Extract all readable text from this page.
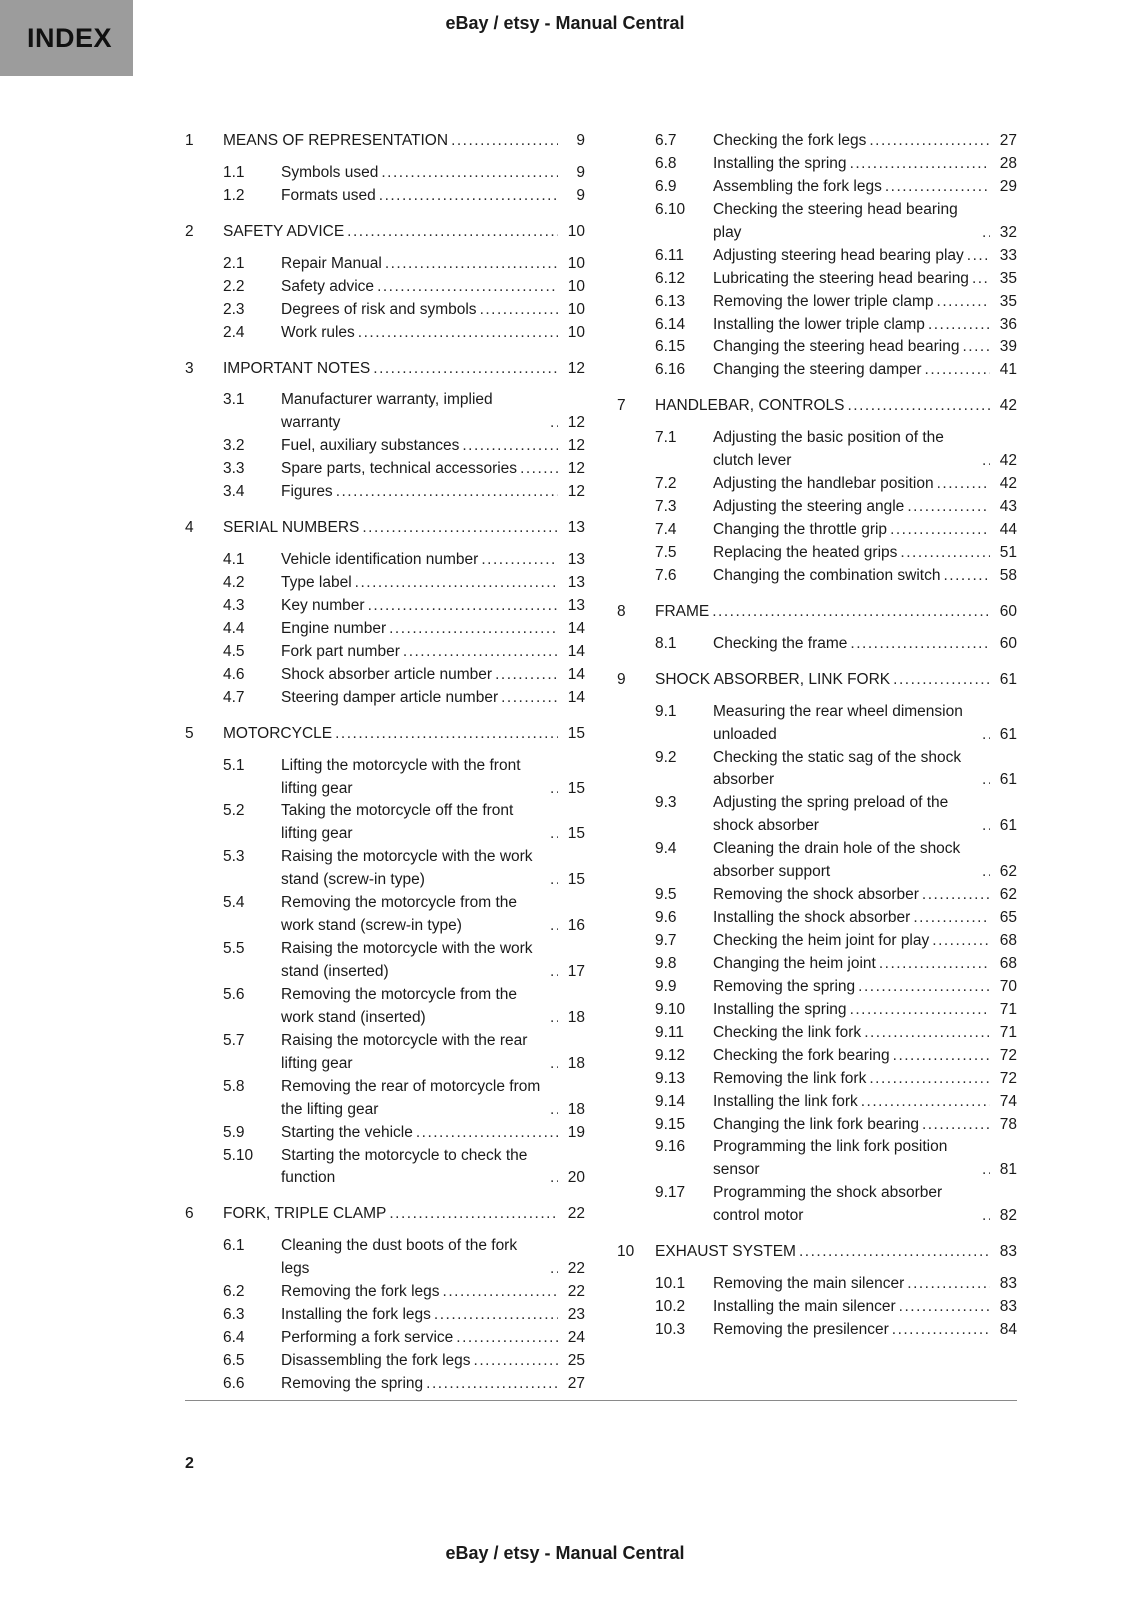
INDEX	eBay / etsy - Manual Central
1	MEANS OF REPRESENTATION .....	9
1.1	Symbols used .....	9
1.2	Formats used .....	9
2	SAFETY ADVICE .....	10
2.1	Repair Manual .....	10
2.2	Safety advice .....	10
2.3	Degrees of risk and symbols .....	10
2.4	Work rules .....	10
3	IMPORTANT NOTES .....	12
3.1	Manufacturer warranty, implied warranty .....	12
3.2	Fuel, auxiliary substances .....	12
3.3	Spare parts, technical accessories .....	12
3.4	Figures .....	12
4	SERIAL NUMBERS .....	13
4.1	Vehicle identification number .....	13
4.2	Type label .....	13
4.3	Key number .....	13
4.4	Engine number .....	14
4.5	Fork part number .....	14
4.6	Shock absorber article number .....	14
4.7	Steering damper article number .....	14
5	MOTORCYCLE .....	15
5.1	Lifting the motorcycle with the front lifting gear .....	15
5.2	Taking the motorcycle off the front lifting gear .....	15
5.3	Raising the motorcycle with the work stand (screw-in type) .....	15
5.4	Removing the motorcycle from the work stand (screw-in type) .....	16
5.5	Raising the motorcycle with the work stand (inserted) .....	17
5.6	Removing the motorcycle from the work stand (inserted) .....	18
5.7	Raising the motorcycle with the rear lifting gear .....	18
5.8	Removing the rear of motorcycle from the lifting gear .....	18
5.9	Starting the vehicle .....	19
5.10	Starting the motorcycle to check the function .....	20
6	FORK, TRIPLE CLAMP .....	22
6.1	Cleaning the dust boots of the fork legs .....	22
6.2	Removing the fork legs .....	22
6.3	Installing the fork legs .....	23
6.4	Performing a fork service .....	24
6.5	Disassembling the fork legs .....	25
6.6	Removing the spring .....	27
6.7	Checking the fork legs .....	27
6.8	Installing the spring .....	28
6.9	Assembling the fork legs .....	29
6.10	Checking the steering head bearing play .....	32
6.11	Adjusting steering head bearing play .....	33
6.12	Lubricating the steering head bearing .....	35
6.13	Removing the lower triple clamp .....	35
6.14	Installing the lower triple clamp .....	36
6.15	Changing the steering head bearing .....	39
6.16	Changing the steering damper .....	41
7	HANDLEBAR, CONTROLS .....	42
7.1	Adjusting the basic position of the clutch lever .....	42
7.2	Adjusting the handlebar position .....	42
7.3	Adjusting the steering angle .....	43
7.4	Changing the throttle grip .....	44
7.5	Replacing the heated grips .....	51
7.6	Changing the combination switch .....	58
8	FRAME .....	60
8.1	Checking the frame .....	60
9	SHOCK ABSORBER, LINK FORK .....	61
9.1	Measuring the rear wheel dimension unloaded .....	61
9.2	Checking the static sag of the shock absorber .....	61
9.3	Adjusting the spring preload of the shock absorber .....	61
9.4	Cleaning the drain hole of the shock absorber support .....	62
9.5	Removing the shock absorber .....	62
9.6	Installing the shock absorber .....	65
9.7	Checking the heim joint for play .....	68
9.8	Changing the heim joint .....	68
9.9	Removing the spring .....	70
9.10	Installing the spring .....	71
9.11	Checking the link fork .....	71
9.12	Checking the fork bearing .....	72
9.13	Removing the link fork .....	72
9.14	Installing the link fork .....	74
9.15	Changing the link fork bearing .....	78
9.16	Programming the link fork position sensor .....	81
9.17	Programming the shock absorber control motor .....	82
10	EXHAUST SYSTEM .....	83
10.1	Removing the main silencer .....	83
10.2	Installing the main silencer .....	83
10.3	Removing the presilencer .....	84
2
eBay / etsy - Manual Central
